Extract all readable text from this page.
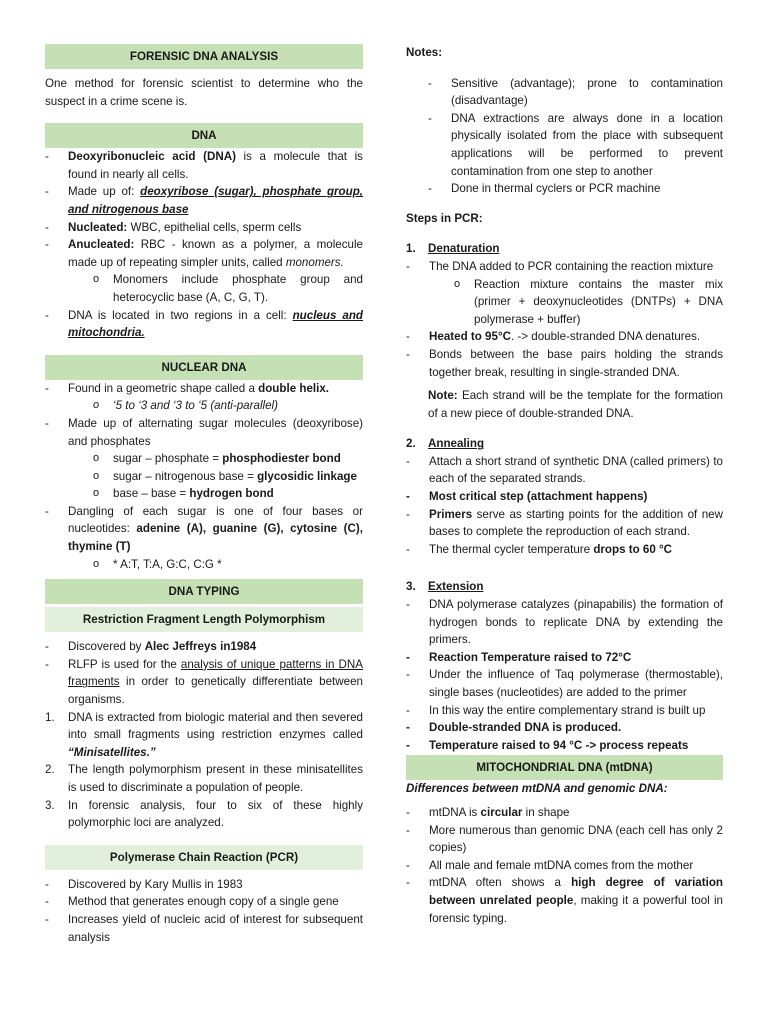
FORENSIC DNA ANALYSIS

One method for forensic scientist to determine who the suspect in a crime scene is.

DNA
- Deoxyribonucleic acid (DNA) is a molecule that is found in nearly all cells.
- Made up of: deoxyribose (sugar), phosphate group, and nitrogenous base
- Nucleated: WBC, epithelial cells, sperm cells
- Anucleated: RBC - known as a polymer, a molecule made up of repeating simpler units, called monomers.
o Monomers include phosphate group and heterocyclic base (A, C, G, T).
- DNA is located in two regions in a cell: nucleus and mitochondria.
NUCLEAR DNA
- Found in a geometric shape called a double helix.
o ‘5 to ‘3 and ‘3 to ‘5 (anti-parallel)
- Made up of alternating sugar molecules (deoxyribose) and phosphates
o sugar – phosphate = phosphodiester bond
o sugar – nitrogenous base = glycosidic linkage
o base – base = hydrogen bond
- Dangling of each sugar is one of four bases or nucleotides: adenine (A), guanine (G), cytosine (C), thymine (T)
o * A:T, T:A, G:C, C:G *
DNA TYPING
Restriction Fragment Length Polymorphism
- Discovered by Alec Jeffreys in1984
- RLFP is used for the analysis of unique patterns in DNA fragments in order to genetically differentiate between organisms.
1. DNA is extracted from biologic material and then severed into small fragments using restriction enzymes called “Minisatellites.”
2. The length polymorphism present in these minisatellites is used to discriminate a population of people.
3. In forensic analysis, four to six of these highly polymorphic loci are analyzed.
Polymerase Chain Reaction (PCR)
- Discovered by Kary Mullis in 1983
- Method that generates enough copy of a single gene
- Increases yield of nucleic acid of interest for subsequent analysis
Notes:
- Sensitive (advantage); prone to contamination (disadvantage)
- DNA extractions are always done in a location physically isolated from the place with subsequent applications will be performed to prevent contamination from one step to another
- Done in thermal cyclers or PCR machine
Steps in PCR:
1. Denaturation
- The DNA added to PCR containing the reaction mixture
o Reaction mixture contains the master mix (primer + deoxynucleotides (DNTPs) + DNA polymerase + buffer)
- Heated to 95°C. -> double-stranded DNA denatures.
- Bonds between the base pairs holding the strands together break, resulting in single-stranded DNA.

Note: Each strand will be the template for the formation of a new piece of double-stranded DNA.

2. Annealing
- Attach a short strand of synthetic DNA (called primers) to each of the separated strands.
- Most critical step (attachment happens)
- Primers serve as starting points for the addition of new bases to complete the reproduction of each strand.
- The thermal cycler temperature drops to 60 °C
3. Extension
- DNA polymerase catalyzes (pinapabilis) the formation of hydrogen bonds to replicate DNA by extending the primers.
- Reaction Temperature raised to 72°C
- Under the influence of Taq polymerase (thermostable), single bases (nucleotides) are added to the primer
- In this way the entire complementary strand is built up
- Double-stranded DNA is produced.
- Temperature raised to 94 °C -> process repeats
MITOCHONDRIAL DNA (mtDNA)
Differences between mtDNA and genomic DNA:
- mtDNA is circular in shape
- More numerous than genomic DNA (each cell has only 2 copies)
- All male and female mtDNA comes from the mother
- mtDNA often shows a high degree of variation between unrelated people, making it a powerful tool in forensic typing.
